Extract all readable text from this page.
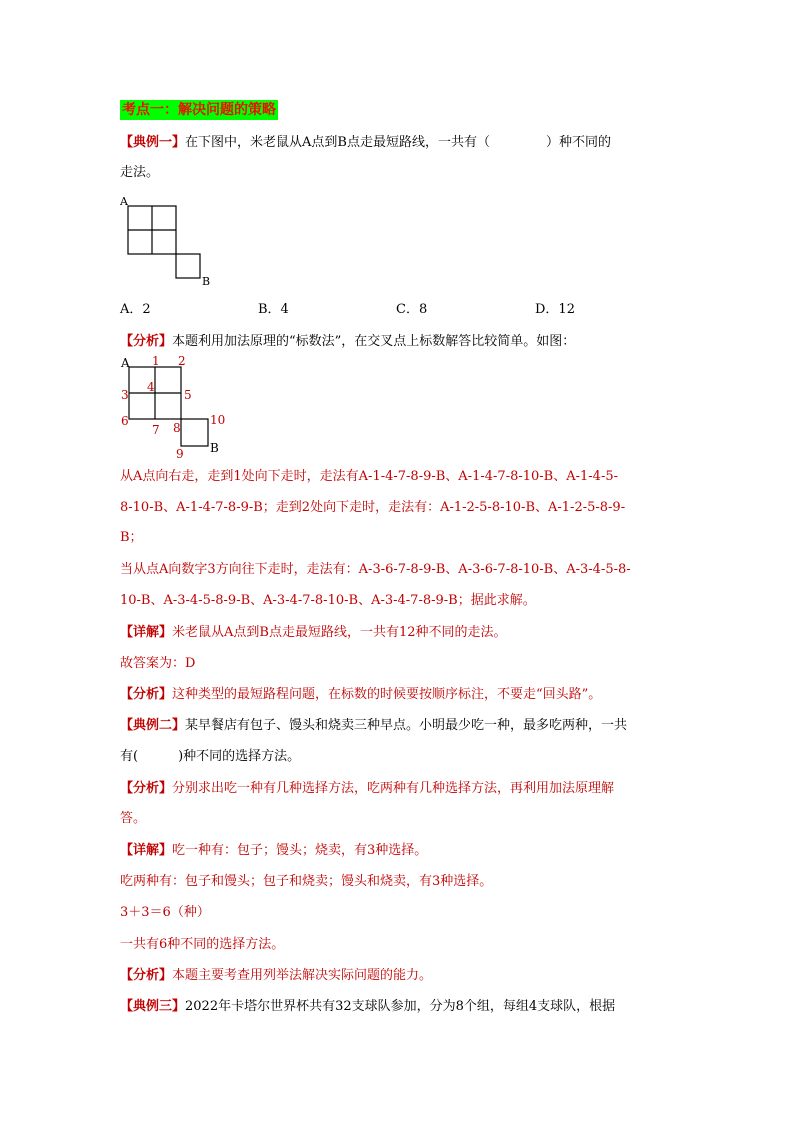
考点一：解决问题的策略
【典例一】在下图中，米老鼠从A点到B点走最短路线，一共有（	）种不同的
走法。
A
B
A．2	B．4	C．8	D．12
【分析】本题利用加法原理的“标数法”，在交叉点上标数解答比较简单。如图：
A
B
1 2
3
4
5
6
7 8
9
10
从A点向右走，走到1处向下走时，走法有A-1-4-7-8-9-B、A-1-4-7-8-10-B、A-1-4-5-
8-10-B、A-1-4-7-8-9-B；走到2处向下走时，走法有：A-1-2-5-8-10-B、A-1-2-5-8-9-
B；
当从点A向数字3方向往下走时，走法有：A-3-6-7-8-9-B、A-3-6-7-8-10-B、A-3-4-5-8-
10-B、A-3-4-5-8-9-B、A-3-4-7-8-10-B、A-3-4-7-8-9-B；据此求解。
【详解】米老鼠从A点到B点走最短路线，一共有12种不同的走法。
故答案为：D
【分析】这种类型的最短路程问题，在标数的时候要按顺序标注，不要走“回头路”。
【典例二】某早餐店有包子、馒头和烧卖三种早点。小明最少吃一种，最多吃两种，一共
有(	)种不同的选择方法。
【分析】分别求出吃一种有几种选择方法，吃两种有几种选择方法，再利用加法原理解
答。
【详解】吃一种有：包子；馒头；烧卖，有3种选择。
吃两种有：包子和馒头；包子和烧卖；馒头和烧卖，有3种选择。
3＋3＝6（种）
一共有6种不同的选择方法。
【分析】本题主要考查用列举法解决实际问题的能力。
【典例三】2022年卡塔尔世界杯共有32支球队参加，分为8个组，每组4支球队，根据
